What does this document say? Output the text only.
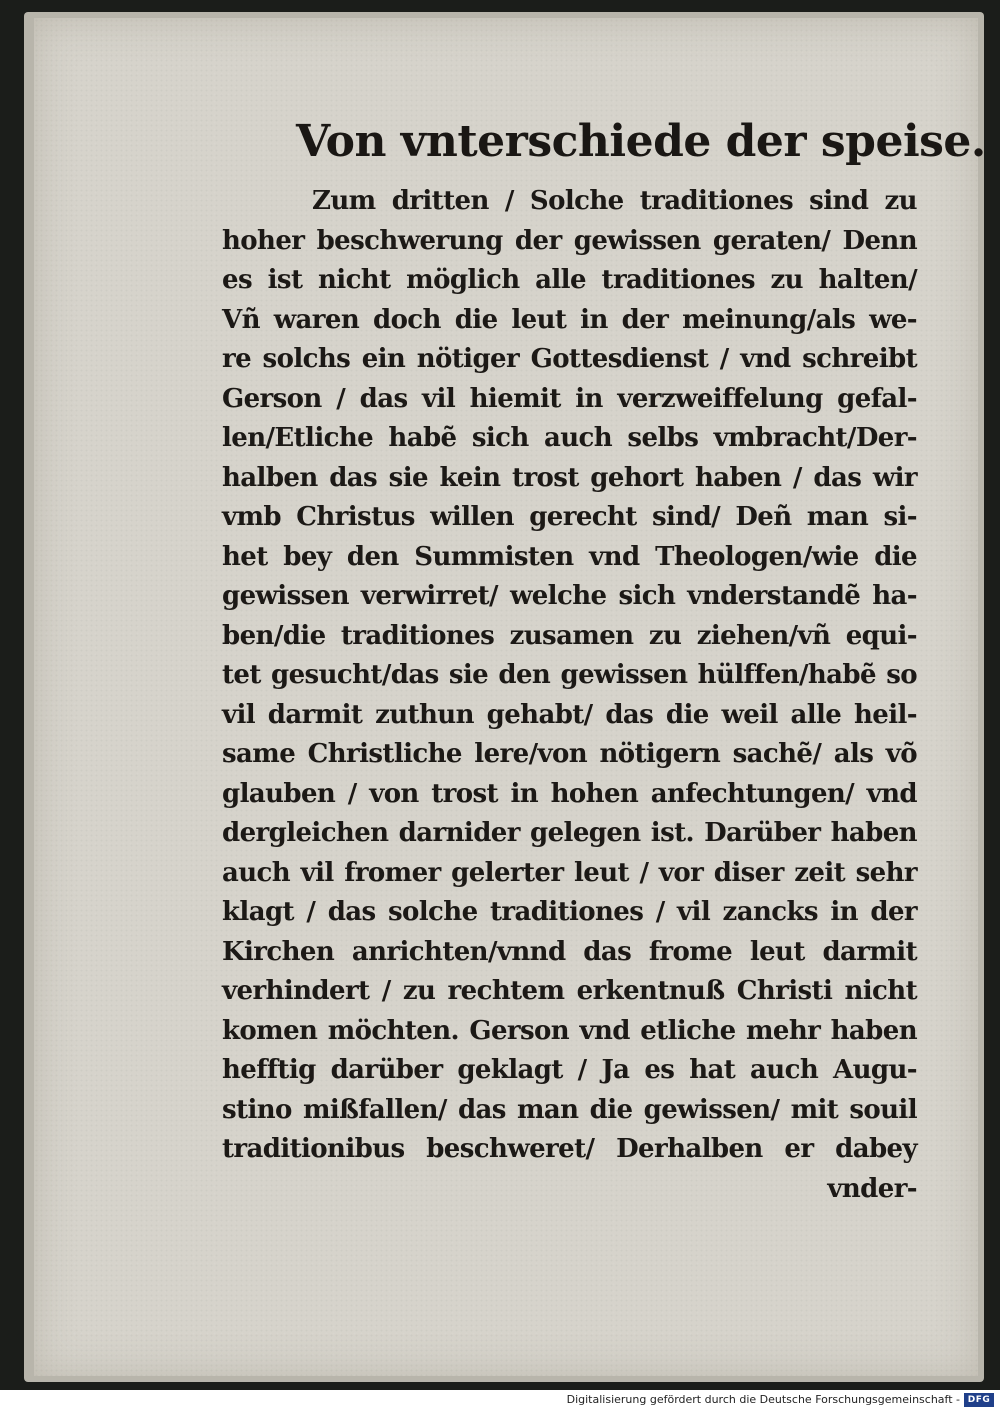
Von vnterschiede der speise.
Zum dritten / Solche traditiones sind zu
hoher beschwerung der gewissen geraten/ Denn
es ist nicht möglich alle traditiones zu halten/
Vñ waren doch die leut in der meinung/als we-
re solchs ein nötiger Gottesdienst / vnd schreibt
Gerson / das vil hiemit in verzweiffelung gefal-
len/Etliche habẽ sich auch selbs vmbracht/Der-
halben das sie kein trost gehort haben / das wir
vmb Christus willen gerecht sind/ Deñ man si-
het bey den Summisten vnd Theologen/wie die
gewissen verwirret/ welche sich vnderstandẽ ha-
ben/die traditiones zusamen zu ziehen/vñ equi-
tet gesucht/das sie den gewissen hülffen/habẽ so
vil darmit zuthun gehabt/ das die weil alle heil-
same Christliche lere/von nötigern sachẽ/ als võ
glauben / von trost in hohen anfechtungen/ vnd
dergleichen darnider gelegen ist. Darüber haben
auch vil fromer gelerter leut / vor diser zeit sehr
klagt / das solche traditiones / vil zancks in der
Kirchen anrichten/vnnd das frome leut darmit
verhindert / zu rechtem erkentnuß Christi nicht
komen möchten. Gerson vnd etliche mehr haben
hefftig darüber geklagt / Ja es hat auch Augu-
stino mißfallen/ das man die gewissen/ mit souil
traditionibus beschweret/ Derhalben er dabey
vnder-
Digitalisierung gefördert durch die Deutsche Forschungsgemeinschaft - DFG
